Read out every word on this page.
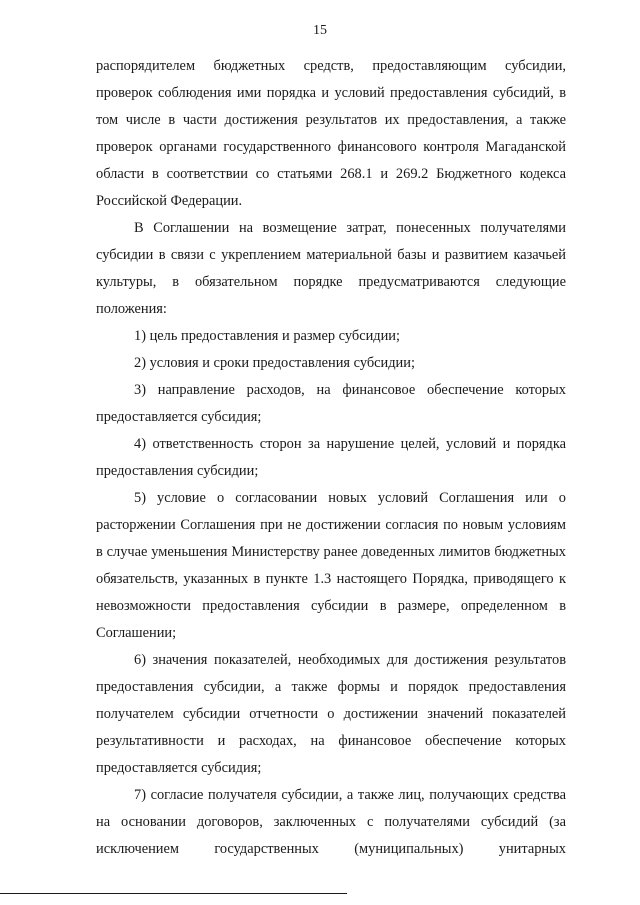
15

распорядителем бюджетных средств, предоставляющим субсидии, проверок соблюдения ими порядка и условий предоставления субсидий, в том числе в части достижения результатов их предоставления, а также проверок органами государственного финансового контроля Магаданской области в соответствии со статьями 268.1 и 269.2 Бюджетного кодекса Российской Федерации.

В Соглашении на возмещение затрат, понесенных получателями субсидии в связи с укреплением материальной базы и развитием казачьей культуры, в обязательном порядке предусматриваются следующие положения:

1) цель предоставления и размер субсидии;

2) условия и сроки предоставления субсидии;

3) направление расходов, на финансовое обеспечение которых предоставляется субсидия;

4) ответственность сторон за нарушение целей, условий и порядка предоставления субсидии;

5) условие о согласовании новых условий Соглашения или о расторжении Соглашения при не достижении согласия по новым условиям в случае уменьшения Министерству ранее доведенных лимитов бюджетных обязательств, указанных в пункте 1.3 настоящего Порядка, приводящего к невозможности предоставления субсидии в размере, определенном в Соглашении;

6) значения показателей, необходимых для достижения результатов предоставления субсидии, а также формы и порядок предоставления получателем субсидии отчетности о достижении значений показателей результативности и расходах, на финансовое обеспечение которых предоставляется субсидия;

7) согласие получателя субсидии, а также лиц, получающих средства на основании договоров, заключенных с получателями субсидий (за исключением государственных (муниципальных) унитарных
